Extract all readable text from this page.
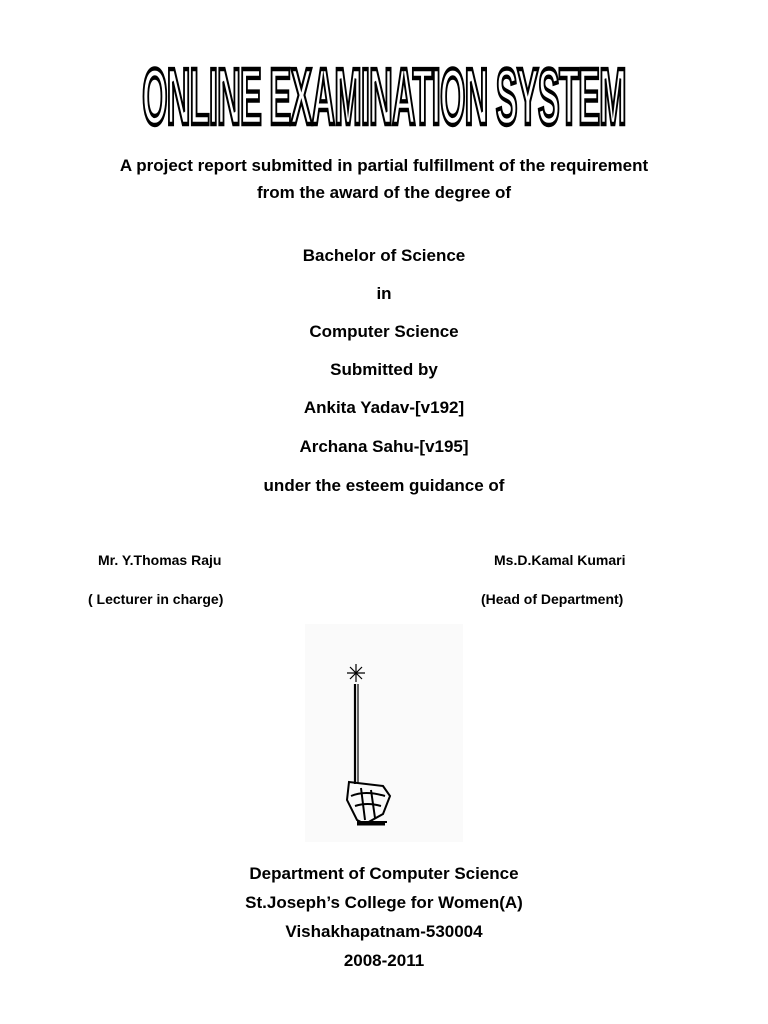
ONLINE EXAMINATION SYSTEM
A project report submitted in partial fulfillment of the requirement
from the award of the degree of
Bachelor of Science
in
Computer Science
Submitted by
Ankita Yadav-[v192]
Archana Sahu-[v195]
under the esteem guidance of
Mr. Y.Thomas Raju
( Lecturer in charge)
Ms.D.Kamal Kumari
(Head of Department)
Department of Computer Science
St.Joseph’s College for Women(A)
Vishakhapatnam-530004
2008-2011
